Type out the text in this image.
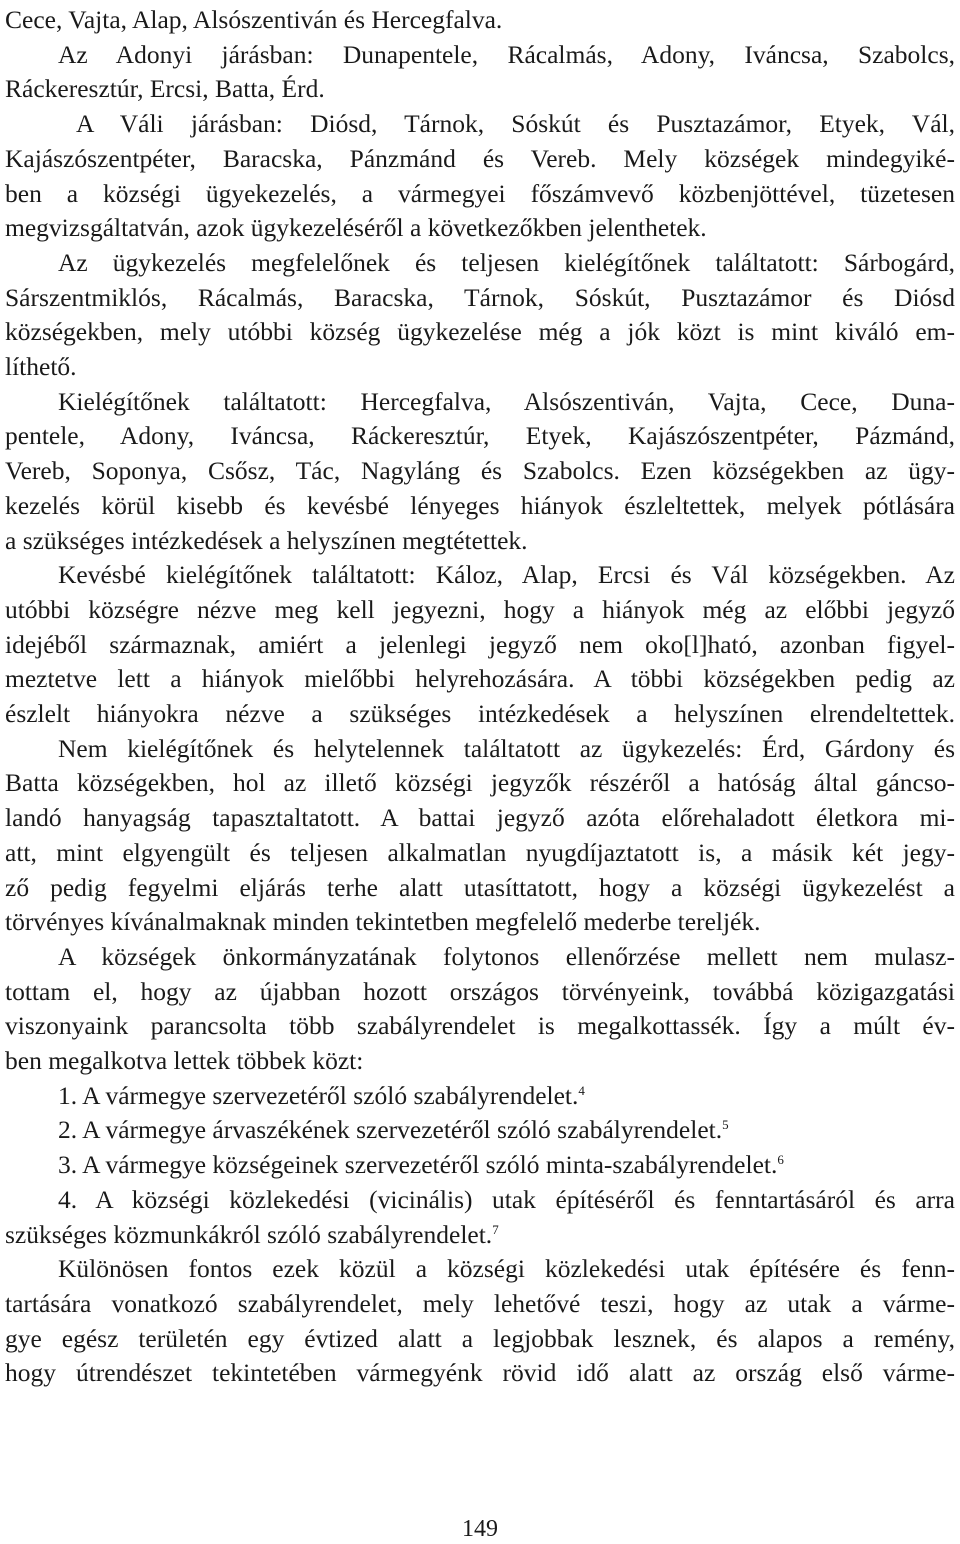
Cece, Vajta, Alap, Alsószentiván és Hercegfalva.
Az Adonyi járásban: Dunapentele, Rácalmás, Adony, Iváncsa, Szabolcs,
Ráckeresztúr, Ercsi, Batta, Érd.
A Váli járásban: Diósd, Tárnok, Sóskút és Pusztazámor, Etyek, Vál,
Kajászószentpéter, Baracska, Pánzmánd és Vereb. Mely községek mindegyiké-
ben a községi ügyekezelés, a vármegyei főszámvevő közbenjöttével, tüzetesen
megvizsgáltatván, azok ügykezeléséről a következőkben jelenthetek.
Az ügykezelés megfelelőnek és teljesen kielégítőnek találtatott: Sárbogárd,
Sárszentmiklós, Rácalmás, Baracska, Tárnok, Sóskút, Pusztazámor és Diósd
községekben, mely utóbbi község ügykezelése még a jók közt is mint kiváló em-
líthető.
Kielégítőnek találtatott: Hercegfalva, Alsószentiván, Vajta, Cece, Duna-
pentele, Adony, Iváncsa, Ráckeresztúr, Etyek, Kajászószentpéter, Pázmánd,
Vereb, Soponya, Csősz, Tác, Nagyláng és Szabolcs. Ezen községekben az ügy-
kezelés körül kisebb és kevésbé lényeges hiányok észleltettek, melyek pótlására
a szükséges intézkedések a helyszínen megtétettek.
Kevésbé kielégítőnek találtatott: Káloz, Alap, Ercsi és Vál községekben. Az
utóbbi községre nézve meg kell jegyezni, hogy a hiányok még az előbbi jegyző
idejéből származnak, amiért a jelenlegi jegyző nem oko[l]ható, azonban figyel-
meztetve lett a hiányok mielőbbi helyrehozására. A többi községekben pedig az
észlelt hiányokra nézve a szükséges intézkedések a helyszínen elrendeltettek.
Nem kielégítőnek és helytelennek találtatott az ügykezelés: Érd, Gárdony és
Batta községekben, hol az illető községi jegyzők részéről a hatóság által gáncso-
landó hanyagság tapasztaltatott. A battai jegyző azóta előrehaladott életkora mi-
att, mint elgyengült és teljesen alkalmatlan nyugdíjaztatott is, a másik két jegy-
ző pedig fegyelmi eljárás terhe alatt utasíttatott, hogy a községi ügykezelést a
törvényes kívánalmaknak minden tekintetben megfelelő mederbe tereljék.
A községek önkormányzatának folytonos ellenőrzése mellett nem mulasz-
tottam el, hogy az újabban hozott országos törvényeink, továbbá közigazgatási
viszonyaink parancsolta több szabályrendelet is megalkottassék. Így a múlt év-
ben megalkotva lettek többek közt:
1. A vármegye szervezetéről szóló szabályrendelet.$^4$
2. A vármegye árvaszékének szervezetéről szóló szabályrendelet.$^5$
3. A vármegye községeinek szervezetéről szóló minta-szabályrendelet.$^6$
4. A községi közlekedési (vicinális) utak építéséről és fenntartásáról és arra
szükséges közmunkákról szóló szabályrendelet.$^7$
Különösen fontos ezek közül a községi közlekedési utak építésére és fenn-
tartására vonatkozó szabályrendelet, mely lehetővé teszi, hogy az utak a várme-
gye egész területén egy évtized alatt a legjobbak lesznek, és alapos a remény,
hogy útrendészet tekintetében vármegyénk rövid idő alatt az ország első várme-
149
